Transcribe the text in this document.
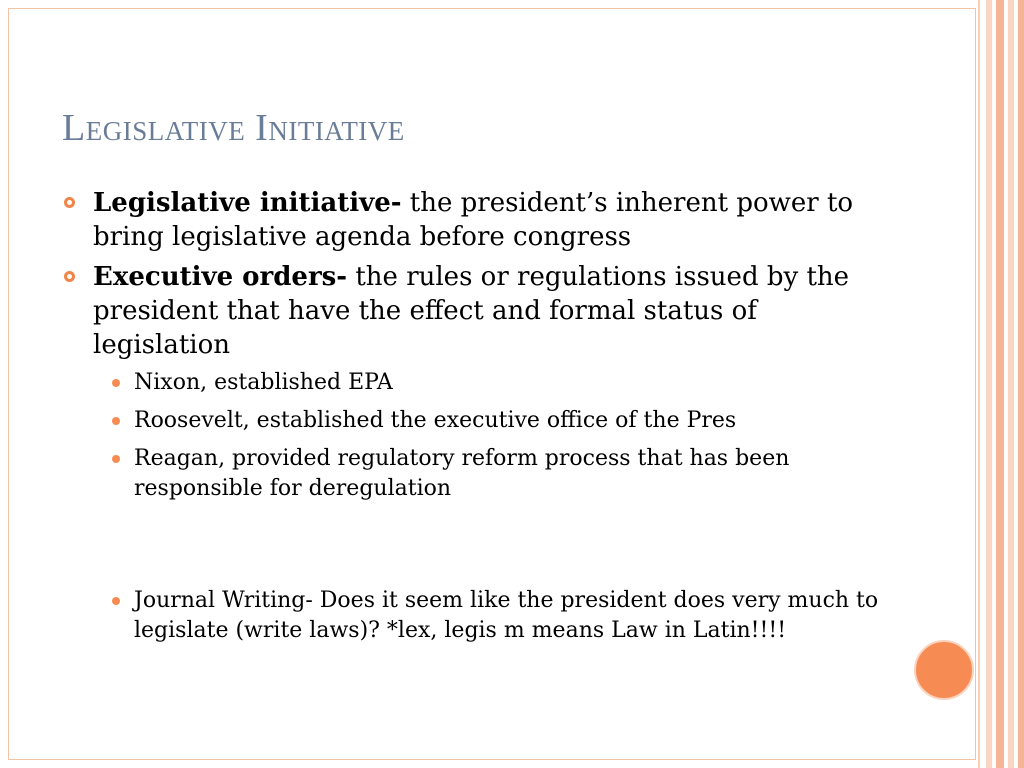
Legislative Initiative
Legislative initiative- the president’s inherent power to bring legislative agenda before congress
Executive orders- the rules or regulations issued by the president that have the effect and formal status of legislation
Nixon, established EPA
Roosevelt, established the executive office of the Pres
Reagan, provided regulatory reform process that has been responsible for deregulation
Journal Writing- Does it seem like the president does very much to legislate (write laws)? *lex, legis m means Law in Latin!!!!
